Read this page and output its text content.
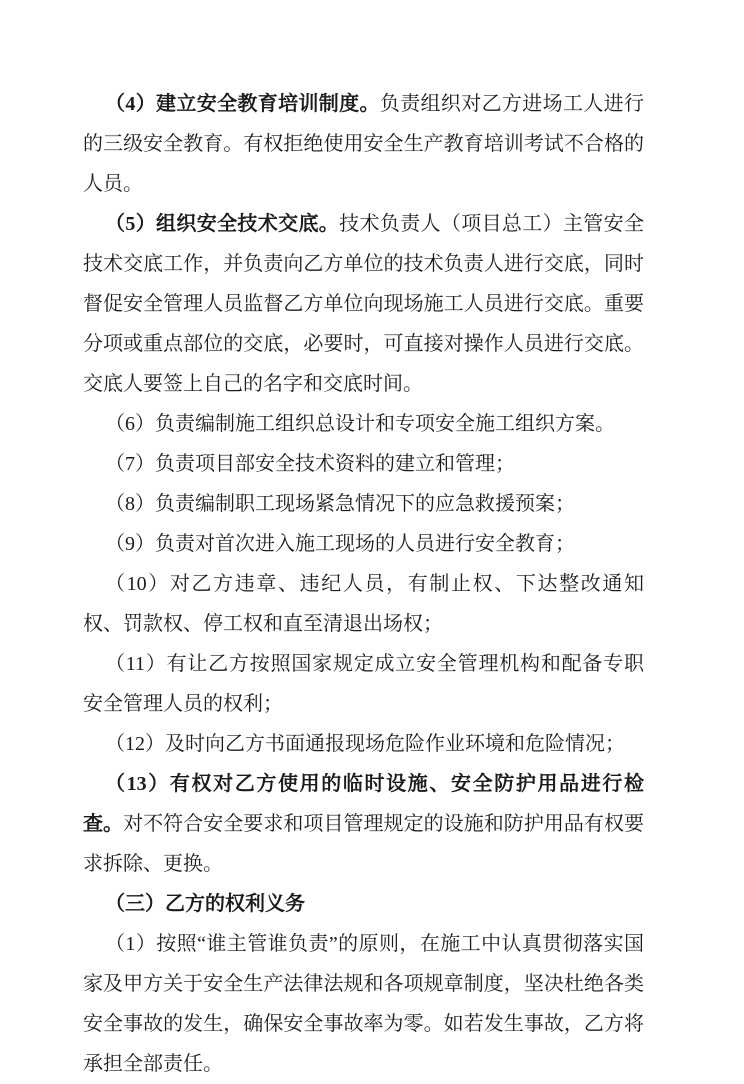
（4）建立安全教育培训制度。负责组织对乙方进场工人进行的三级安全教育。有权拒绝使用安全生产教育培训考试不合格的人员。

（5）组织安全技术交底。技术负责人（项目总工）主管安全技术交底工作，并负责向乙方单位的技术负责人进行交底，同时督促安全管理人员监督乙方单位向现场施工人员进行交底。重要分项或重点部位的交底，必要时，可直接对操作人员进行交底。交底人要签上自己的名字和交底时间。

（6）负责编制施工组织总设计和专项安全施工组织方案。

（7）负责项目部安全技术资料的建立和管理；

（8）负责编制职工现场紧急情况下的应急救援预案；

（9）负责对首次进入施工现场的人员进行安全教育；

（10）对乙方违章、违纪人员，有制止权、下达整改通知权、罚款权、停工权和直至清退出场权；

（11）有让乙方按照国家规定成立安全管理机构和配备专职安全管理人员的权利；

（12）及时向乙方书面通报现场危险作业环境和危险情况；

（13）有权对乙方使用的临时设施、安全防护用品进行检查。对不符合安全要求和项目管理规定的设施和防护用品有权要求拆除、更换。

（三）乙方的权利义务

（1）按照“谁主管谁负责”的原则，在施工中认真贯彻落实国家及甲方关于安全生产法律法规和各项规章制度，坚决杜绝各类安全事故的发生，确保安全事故率为零。如若发生事故，乙方将承担全部责任。
